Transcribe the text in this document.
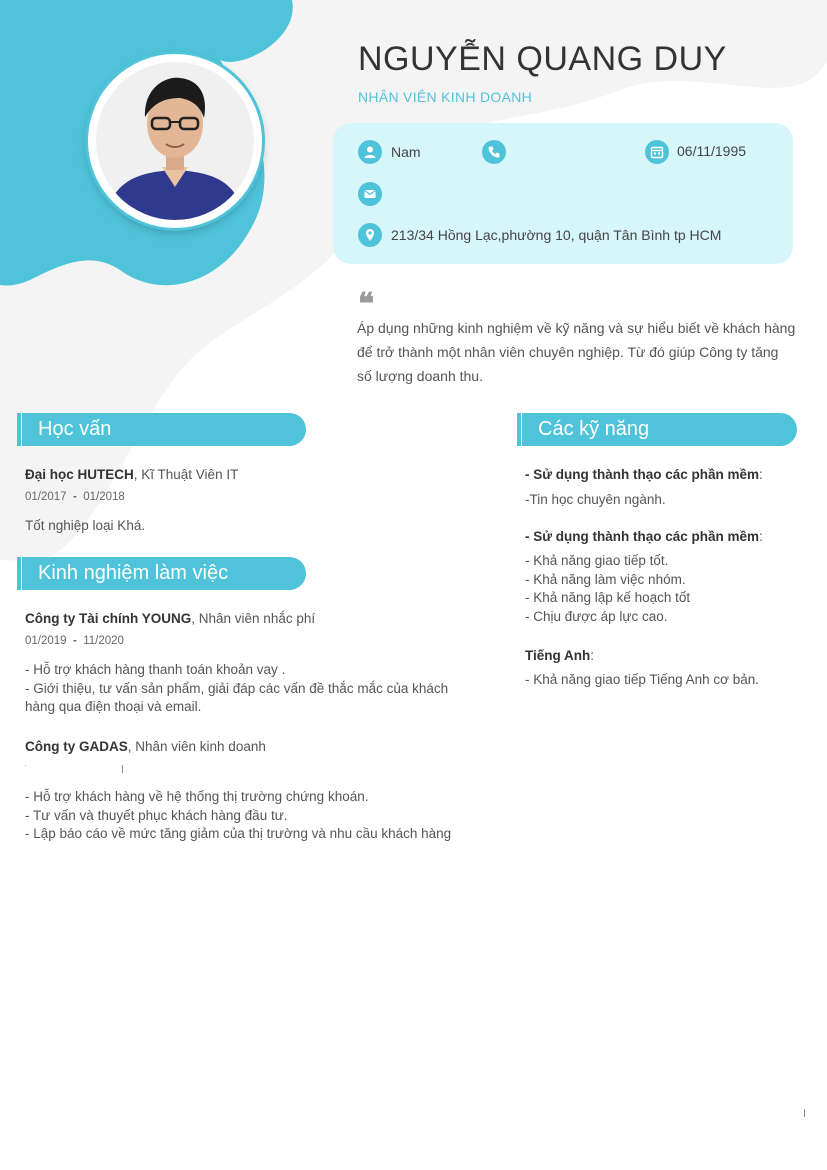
NGUYỄN QUANG DUY
NHÂN VIÊN KINH DOANH
Nam	06/11/1995
213/34 Hồng Lạc,phường 10, quận Tân Bình tp HCM
❝
Áp dụng những kinh nghiệm về kỹ năng và sự hiểu biết về khách hàng để trở thành một nhân viên chuyên nghiệp. Từ đó giúp Công ty tăng số lượng doanh thu.
Học vấn
Đại học HUTECH, Kĩ Thuật Viên IT
01/2017 - 01/2018
Tốt nghiệp loại Khá.
Kinh nghiệm làm việc
Công ty Tài chính YOUNG, Nhân viên nhắc phí
01/2019 - 11/2020
- Hỗ trợ khách hàng thanh toán khoản vay .
- Giới thiệu, tư vấn sản phẩm, giải đáp các vấn đề thắc mắc của khách hàng qua điện thoại và email.
Công ty GADAS, Nhân viên kinh doanh
- Hỗ trợ khách hàng về hệ thống thị trường chứng khoán.
- Tư vấn và thuyết phục khách hàng đầu tư.
- Lập báo cáo về mức tăng giảm của thị trường và nhu cầu khách hàng
Các kỹ năng
- Sử dụng thành thạo các phần mềm:
-Tin học chuyên ngành.
- Sử dụng thành thạo các phần mềm:
- Khả năng giao tiếp tốt.
- Khả năng làm việc nhóm.
- Khả năng lập kế hoạch tốt
- Chịu được áp lực cao.
Tiếng Anh:
- Khả năng giao tiếp Tiếng Anh cơ bản.
